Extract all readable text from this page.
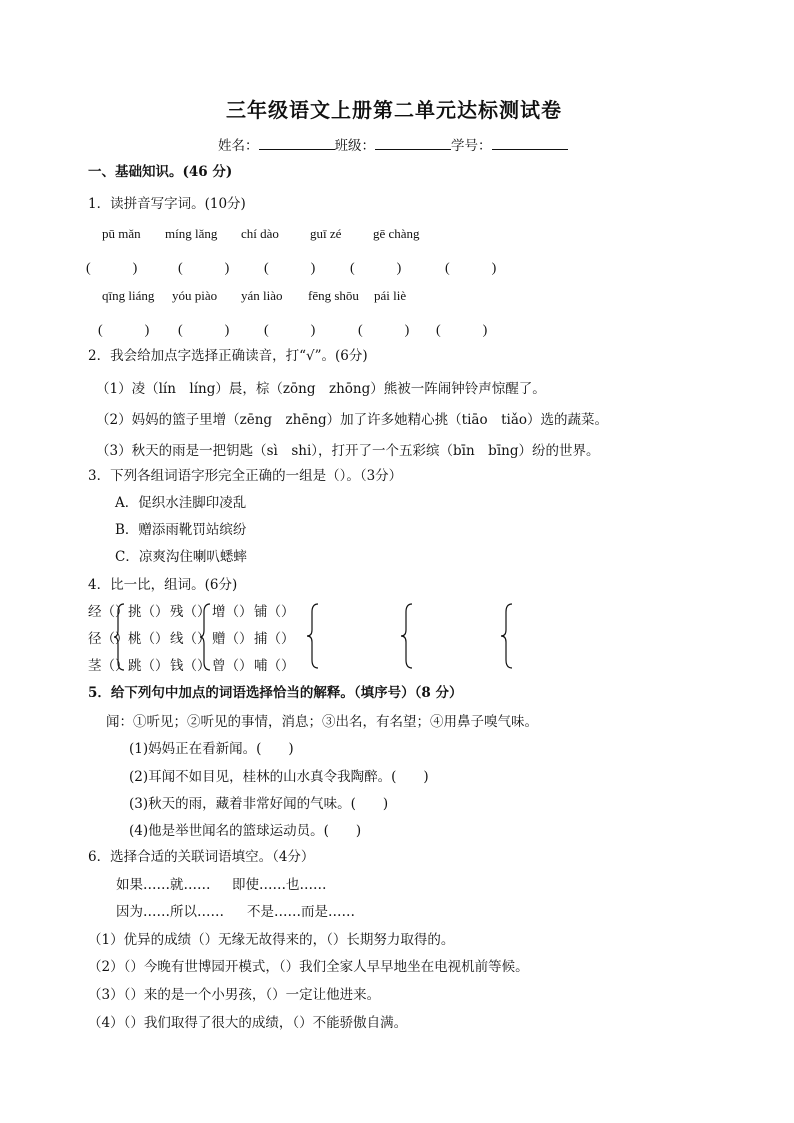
三年级语文上册第二单元达标测试卷
姓名：	班级：	学号：
一、基础知识。(46 分)
1．读拼音写字词。(10分)
pū mǎn míng lǎng chí dào guī zé gē chàng
(　　　)	(　　　) (　　　) (　　　)	(　　　)
qīng liáng yóu piào yán liào fēng shōu pái liè
(　　　) (　　　) (　　　)	(　　　) (　　　)
2．我会给加点字选择正确读音，打“√”。(6分)
（1）凌（lín　líng）晨，棕（zōng　zhōng）熊被一阵闹钟铃声惊醒了。
（2）妈妈的篮子里增（zēng　zhēng）加了许多她精心挑（tiāo　tiǎo）选的蔬菜。
（3）秋天的雨是一把钥匙（sì　shi），打开了一个五彩缤（bīn　bīng）纷的世界。
3．下列各组词语字形完全正确的一组是（）。（3分）
A．促织水洼脚印凌乱
B．赠添雨靴罚站缤纷
C．凉爽沟住喇叭蟋蟀
4．比一比，组词。(6分)
经（） 挑（） 残（） 增（） 铺（）
径（） 桃（） 线（） 赠（） 捕（）
茎（） 跳（） 钱（） 曾（） 哺（）
5．给下列句中加点的词语选择恰当的解释。（填序号）（8 分）
闻：①听见；②听见的事情，消息；③出名，有名望；④用鼻子嗅气味。
(1)妈妈正在看新闻。(　　)
(2)耳闻不如目见，桂林的山水真令我陶醉。(　　)
(3)秋天的雨，藏着非常好闻的气味。(　　)
(4)他是举世闻名的篮球运动员。(　　)
6．选择合适的关联词语填空。（4分）
如果……就…… 即使……也……
因为……所以…… 不是……而是……
（1）优异的成绩（）无缘无故得来的，（）长期努力取得的。
（2）（）今晚有世博园开模式，（）我们全家人早早地坐在电视机前等候。
（3）（）来的是一个小男孩，（）一定让他进来。
（4）（）我们取得了很大的成绩，（）不能骄傲自满。
